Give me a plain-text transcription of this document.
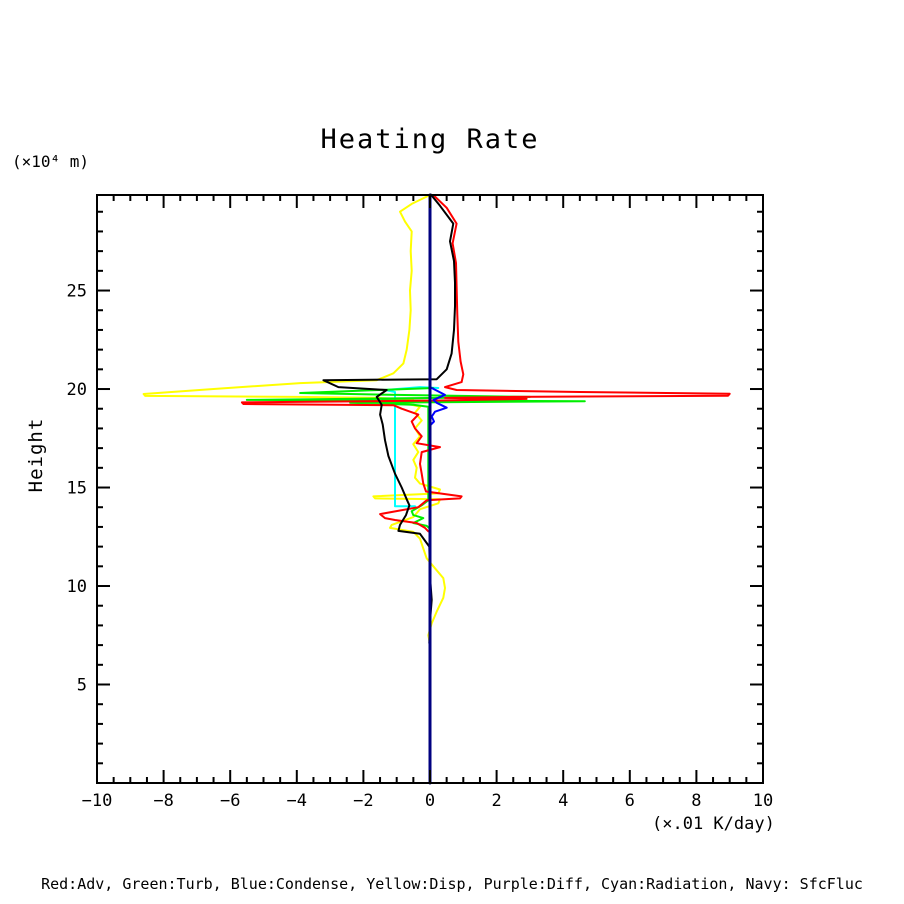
Heating Rate
(×10⁴ m)
Height
−10 −8	−6	−4	−2	0	2	4	6	8	10
5
10
15
20
25
(×.01 K/day)
Red:Adv, Green:Turb, Blue:Condense, Yellow:Disp, Purple:Diff, Cyan:Radiation, Navy: SfcFluc
